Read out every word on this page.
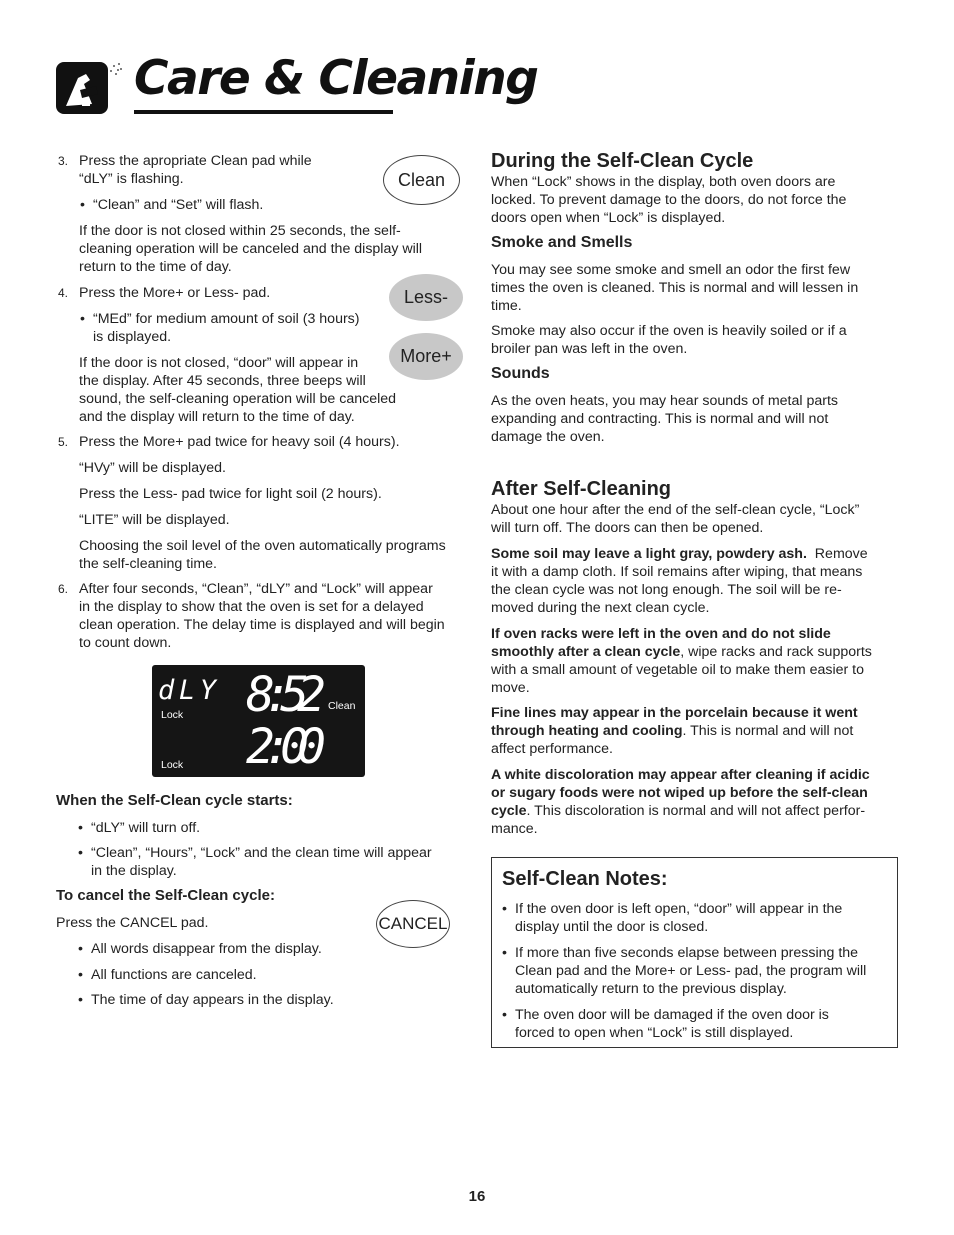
Care & Cleaning
3. Press the apropriate Clean pad while

“dLY” is flashing.

• “Clean” and “Set” will flash.

If the door is not closed within 25 seconds, the self-

cleaning operation will be canceled and the display will

return to the time of day.

4. Press the More+ or Less- pad.

• “MEd” for medium amount of soil (3 hours)

is displayed.

If the door is not closed, “door” will appear in

the display. After 45 seconds, three beeps will

sound, the self-cleaning operation will be canceled

and the display will return to the time of day.

5. Press the More+ pad twice for heavy soil (4 hours).

“HVy” will be displayed.

Press the Less- pad twice for light soil (2 hours).

“LITE” will be displayed.

Choosing the soil level of the oven automatically programs

the self-cleaning time.

6. After four seconds, “Clean”, “dLY” and “Lock” will appear

in the display to show that the oven is set for a delayed

clean operation. The delay time is displayed and will begin

to count down.

Clean
Less-
More+
dLY 8:52
2:00
Clean
Lock
Lock
When the Self-Clean cycle starts:
• “dLY” will turn off.
• “Clean”, “Hours”, “Lock” and the clean time will appear

in the display.

To cancel the Self-Clean cycle:

Press the CANCEL pad.

• All words disappear from the display.
• All functions are canceled.
• The time of day appears in the display.
CANCEL
During the Self-Clean Cycle

When “Lock” shows in the display, both oven doors are

locked. To prevent damage to the doors, do not force the

doors open when “Lock” is displayed.

Smoke and Smells

You may see some smoke and smell an odor the first few

times the oven is cleaned. This is normal and will lessen in

time.

Smoke may also occur if the oven is heavily soiled or if a

broiler pan was left in the oven.

Sounds

As the oven heats, you may hear sounds of metal parts

expanding and contracting. This is normal and will not

damage the oven.

After Self-Cleaning

About one hour after the end of the self-clean cycle, “Lock”

will turn off. The doors can then be opened.

Some soil may leave a light gray, powdery ash.  Remove

it with a damp cloth. If soil remains after wiping, that means

the clean cycle was not long enough. The soil will be re-

moved during the next clean cycle.

If oven racks were left in the oven and do not slide

smoothly after a clean cycle, wipe racks and rack supports

with a small amount of vegetable oil to make them easier to

move.

Fine lines may appear in the porcelain because it went

through heating and cooling. This is normal and will not

affect performance.

A white discoloration may appear after cleaning if acidic

or sugary foods were not wiped up before the self-clean

cycle. This discoloration is normal and will not affect perfor-

mance.

Self-Clean Notes:
• If the oven door is left open, “door” will appear in the

display until the door is closed.

• If more than five seconds elapse between pressing the

Clean pad and the More+ or Less- pad, the program will

automatically return to the previous display.

• The oven door will be damaged if the oven door is

forced to open when “Lock” is still displayed.

16
